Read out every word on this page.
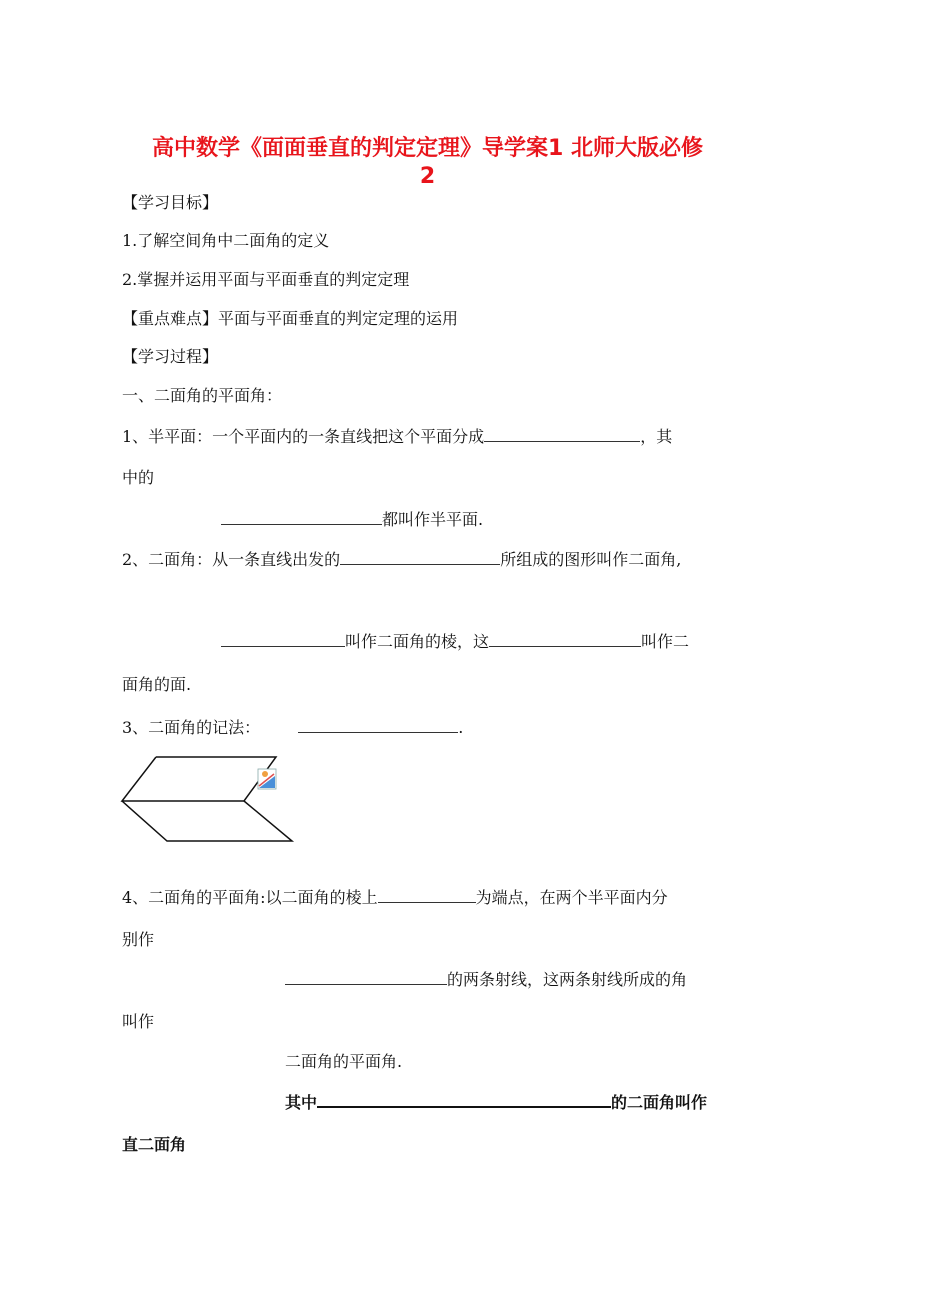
高中数学《面面垂直的判定定理》导学案1 北师大版必修
2
【学习目标】
1.了解空间角中二面角的定义
2.掌握并运用平面与平面垂直的判定定理
【重点难点】平面与平面垂直的判定定理的运用
【学习过程】
一、二面角的平面角：
1、半平面：一个平面内的一条直线把这个平面分成	，其
中的
都叫作半平面.
2、二面角：从一条直线出发的	所组成的图形叫作二面角,
叫作二面角的棱，这	叫作二
面角的面.
3、二面角的记法：	.
4、二面角的平面角:以二面角的棱上	为端点，在两个半平面内分
别作
的两条射线，这两条射线所成的角
叫作
二面角的平面角.
其中	的二面角叫作
直二面角
